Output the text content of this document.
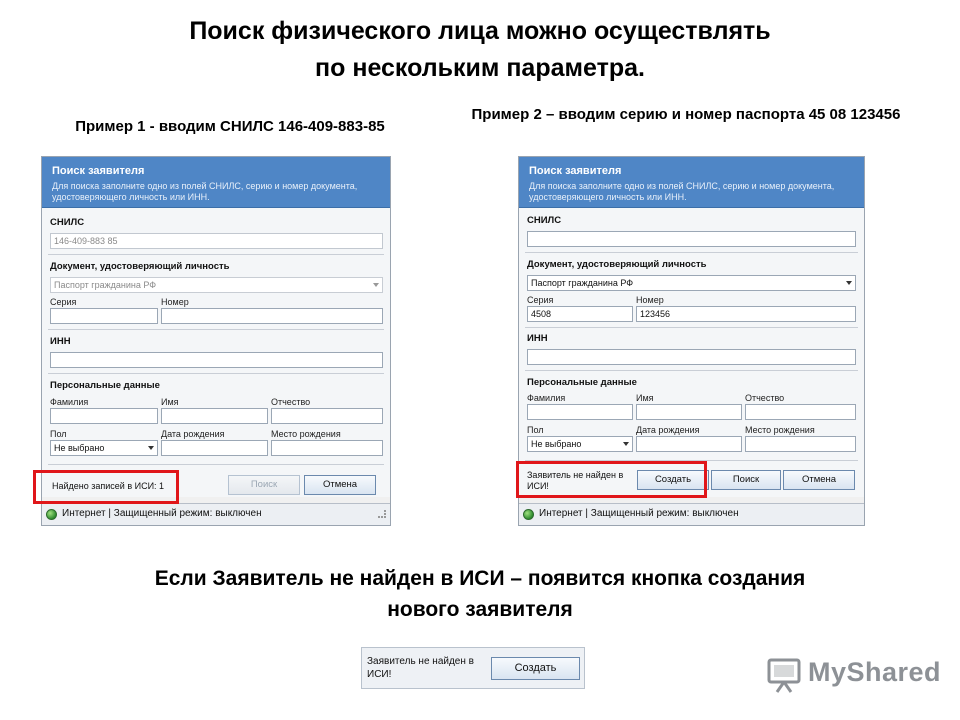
Поиск физического лица можно осуществлять
по нескольким параметра.
Пример 1 - вводим СНИЛС 146-409-883-85
Пример 2 – вводим серию и номер паспорта 45 08 123456
Поиск заявителя
Для поиска заполните одно из полей СНИЛС, серию и номер документа, удостоверяющего личность или ИНН.
СНИЛС
146-409-883 85
Документ, удостоверяющий личность
Паспорт гражданина РФ
Серия	Номер
ИНН
Персональные данные
Фамилия	Имя	Отчество
Пол	Дата рождения	Место рождения
Не выбрано
Найдено записей в ИСИ: 1	Поиск	Отмена
Интернет | Защищенный режим: выключен
Поиск заявителя
Для поиска заполните одно из полей СНИЛС, серию и номер документа, удостоверяющего личность или ИНН.
СНИЛС
Документ, удостоверяющий личность
Паспорт гражданина РФ
Серия	Номер
4508	123456
ИНН
Персональные данные
Фамилия	Имя	Отчество
Пол	Дата рождения	Место рождения
Не выбрано
Заявитель не найден в ИСИ!
Создать	Поиск	Отмена
Интернет | Защищенный режим: выключен
Если Заявитель не найден в ИСИ – появится кнопка создания
нового заявителя
Заявитель не найден в ИСИ!
Создать	MyShared
